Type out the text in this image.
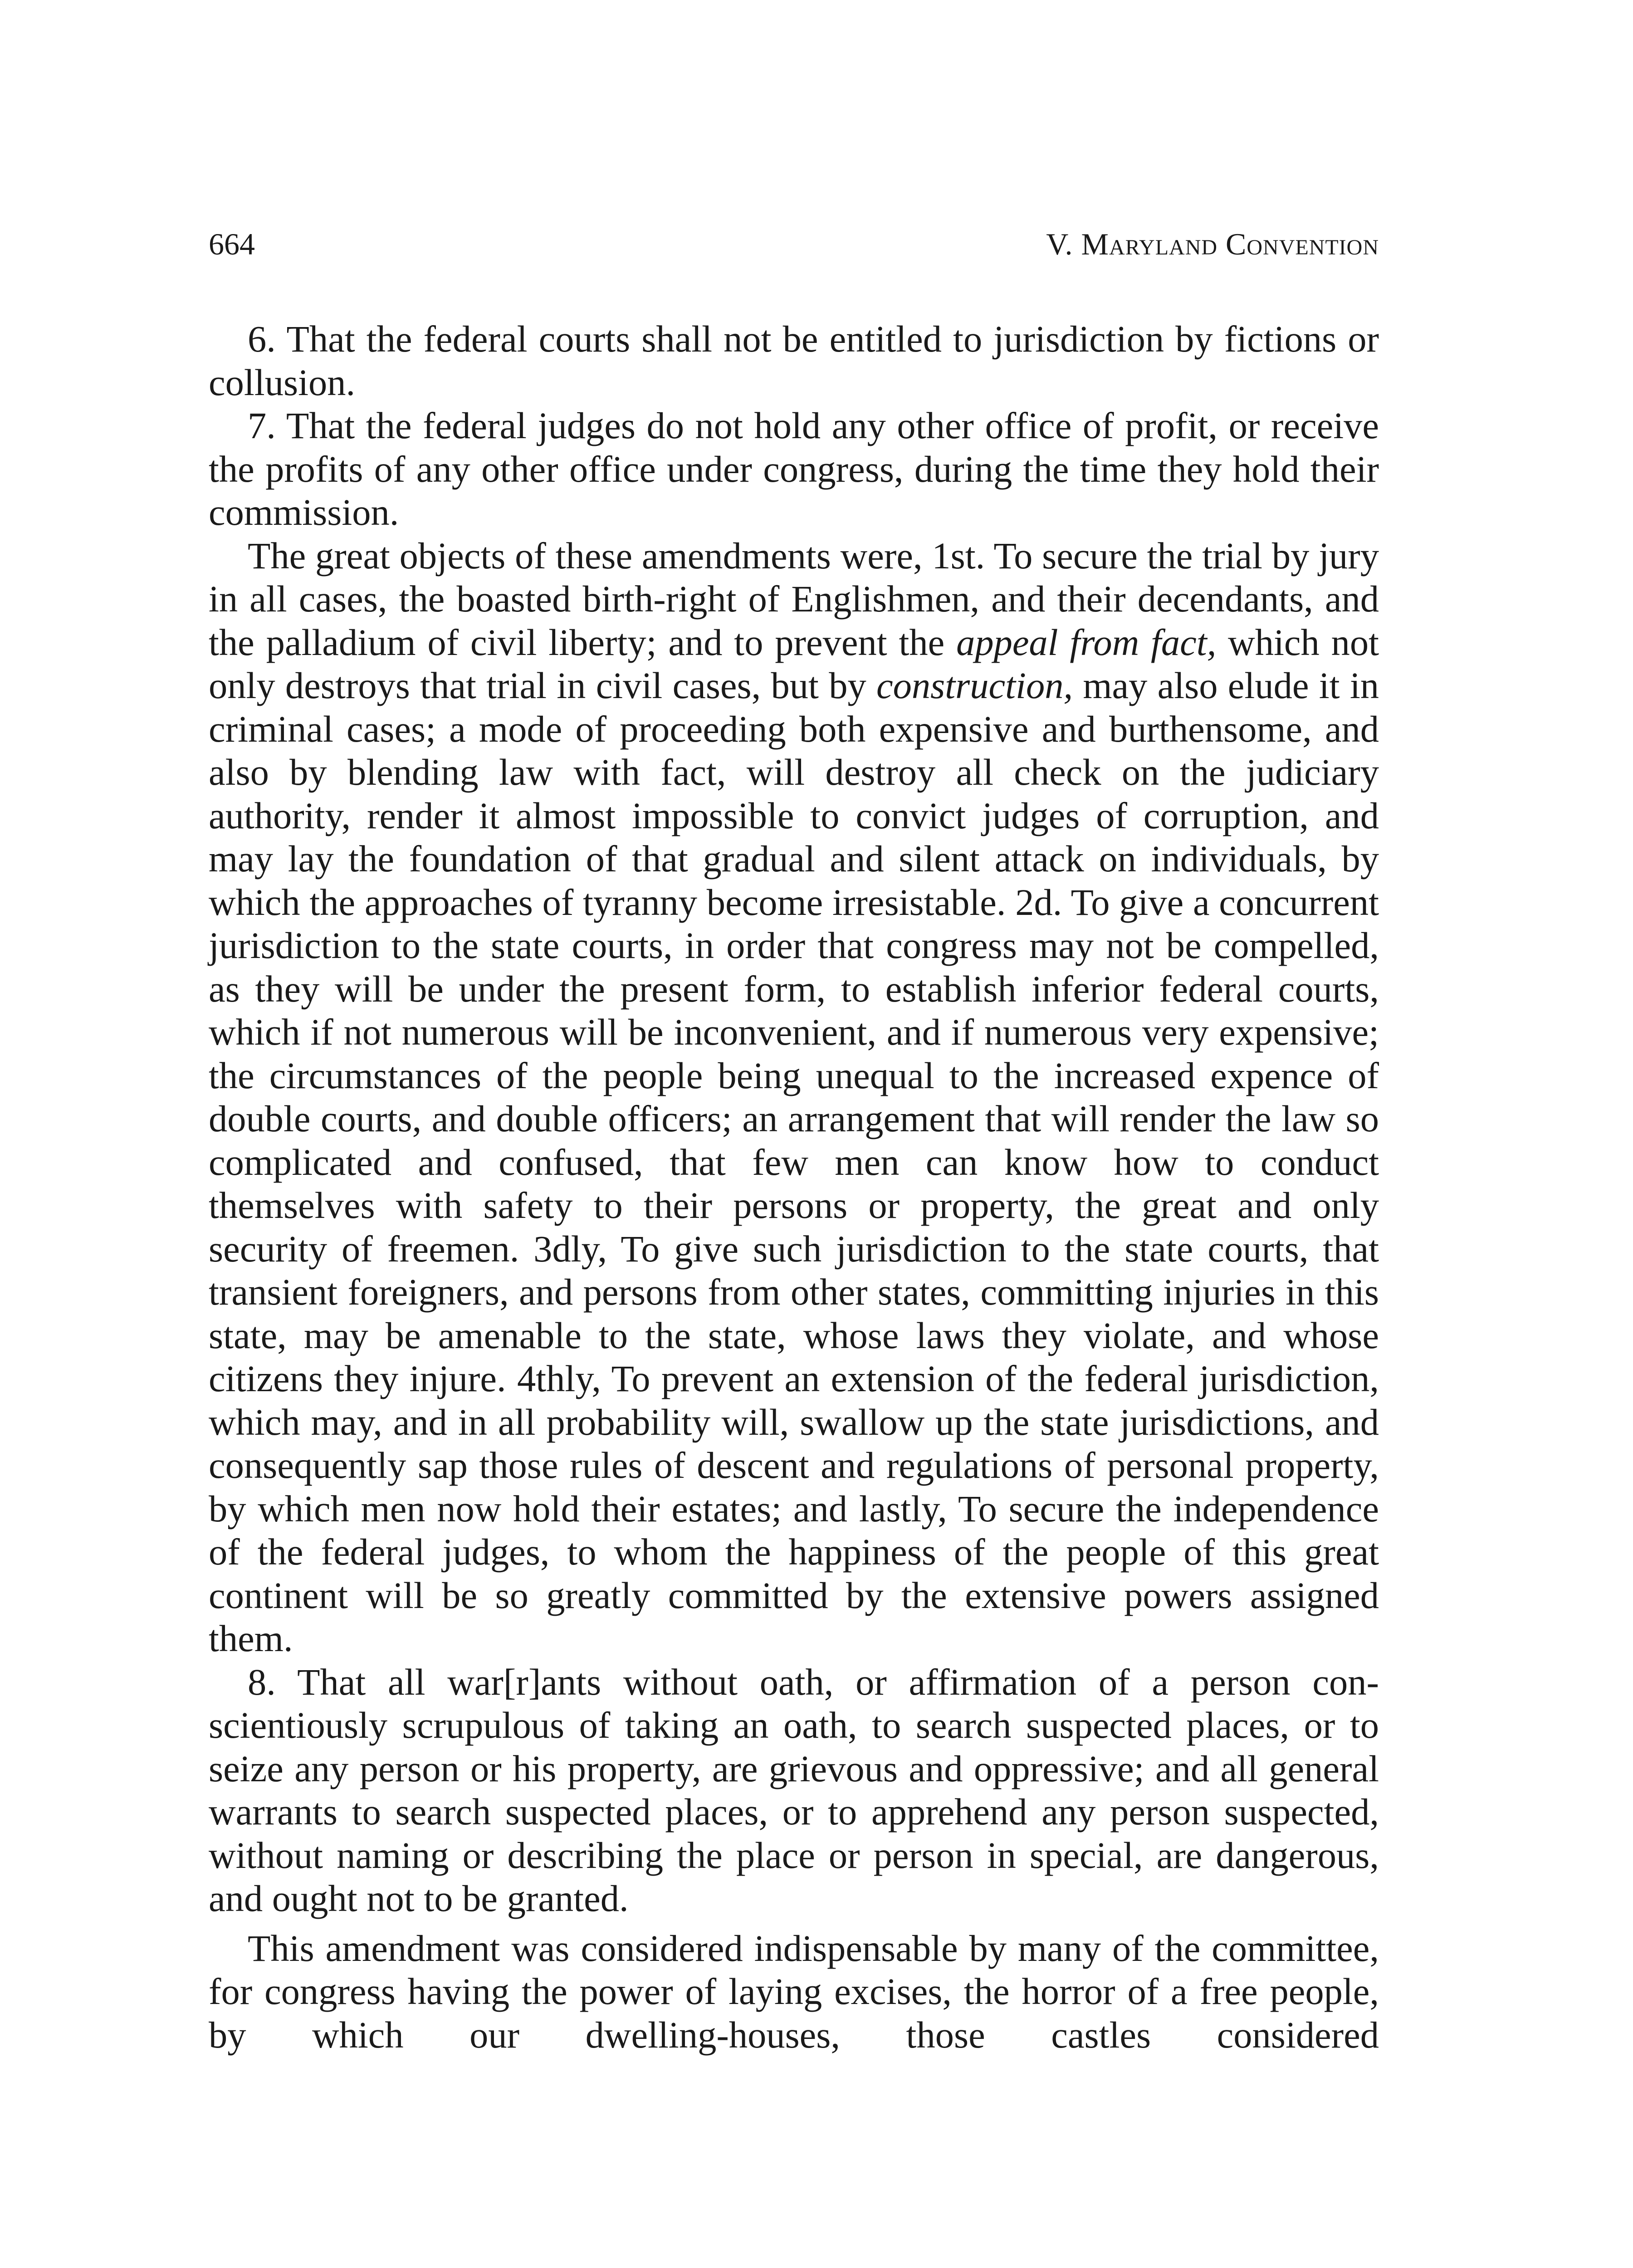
664	V. Maryland Convention

6. That the federal courts shall not be entitled to jurisdiction by fictions or collusion.

7. That the federal judges do not hold any other office of profit, or receive the profits of any other office under congress, during the time they hold their commission.

The great objects of these amendments were, 1st. To secure the trial by jury in all cases, the boasted birth-right of Englishmen, and their decendants, and the palladium of civil liberty; and to prevent the appeal from fact, which not only destroys that trial in civil cases, but by construction, may also elude it in criminal cases; a mode of proceeding both expensive and burthensome, and also by blending law with fact, will destroy all check on the judiciary authority, render it almost impossible to convict judges of corruption, and may lay the foundation of that gradual and silent attack on individuals, by which the approaches of tyranny become irresistable. 2d. To give a concurrent jurisdiction to the state courts, in order that congress may not be compelled, as they will be under the present form, to establish inferior federal courts, which if not numerous will be inconvenient, and if numerous very expensive; the circumstances of the people being unequal to the increased expence of double courts, and double officers; an arrangement that will render the law so complicated and confused, that few men can know how to conduct themselves with safety to their persons or property, the great and only security of freemen. 3dly, To give such jurisdiction to the state courts, that transient foreigners, and persons from other states, committing injuries in this state, may be amenable to the state, whose laws they violate, and whose citizens they injure. 4thly, To prevent an extension of the federal jurisdiction, which may, and in all probability will, swallow up the state jurisdictions, and consequently sap those rules of descent and regulations of personal property, by which men now hold their estates; and lastly, To secure the independence of the federal judges, to whom the happiness of the people of this great continent will be so greatly committed by the extensive powers assigned them.

8. That all war[r]ants without oath, or affirmation of a person conscientiously scrupulous of taking an oath, to search suspected places, or to seize any person or his property, are grievous and oppressive; and all general warrants to search suspected places, or to apprehend any person suspected, without naming or describing the place or person in special, are dangerous, and ought not to be granted.

This amendment was considered indispensable by many of the committee, for congress having the power of laying excises, the horror of a free people, by which our dwelling-houses, those castles considered
